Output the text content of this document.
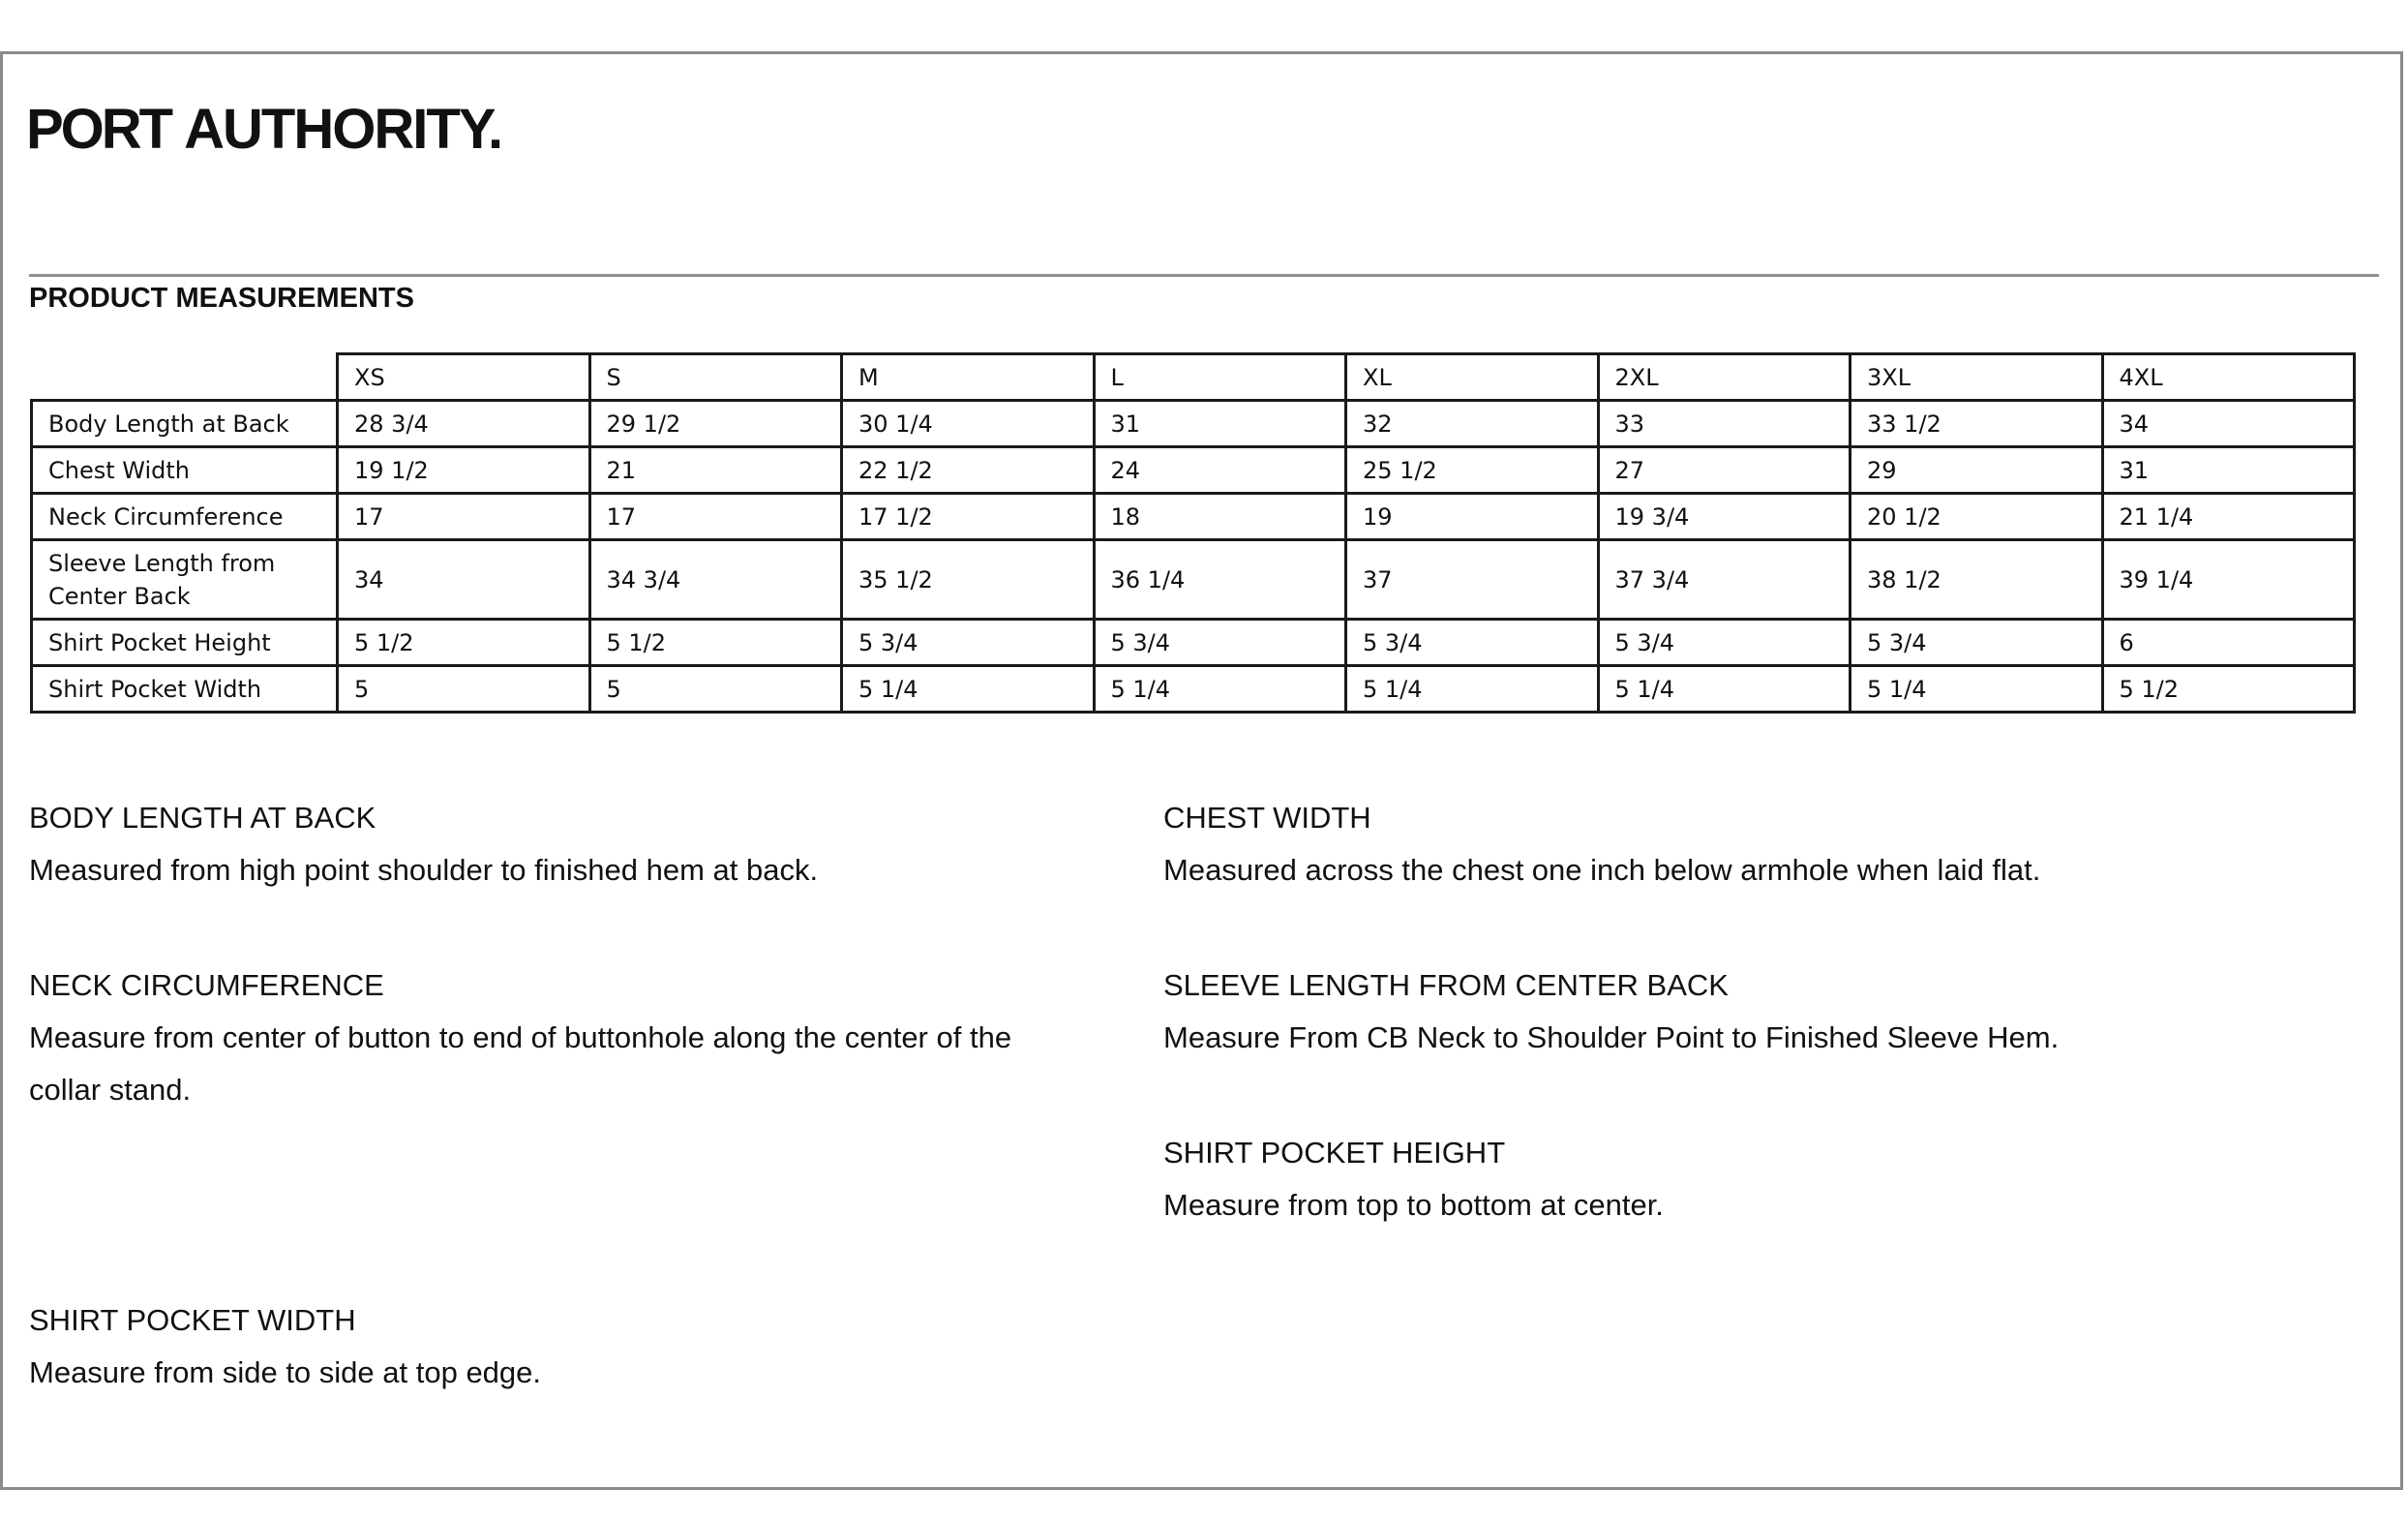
PORT AUTHORITY.
PRODUCT MEASUREMENTS
	XS	S	M	L	XL	2XL	3XL	4XL
Body Length at Back	28 3/4	29 1/2	30 1/4	31	32	33	33 1/2	34
Chest Width	19 1/2	21	22 1/2	24	25 1/2	27	29	31
Neck Circumference	17	17	17 1/2	18	19	19 3/4	20 1/2	21 1/4
Sleeve Length from Center Back	34	34 3/4	35 1/2	36 1/4	37	37 3/4	38 1/2	39 1/4
Shirt Pocket Height	5 1/2	5 1/2	5 3/4	5 3/4	5 3/4	5 3/4	5 3/4	6
Shirt Pocket Width	5	5	5 1/4	5 1/4	5 1/4	5 1/4	5 1/4	5 1/2
BODY LENGTH AT BACK
Measured from high point shoulder to finished hem at back.
CHEST WIDTH
Measured across the chest one inch below armhole when laid flat.
NECK CIRCUMFERENCE
Measure from center of button to end of buttonhole along the center of the collar stand.
SLEEVE LENGTH FROM CENTER BACK
Measure From CB Neck to Shoulder Point to Finished Sleeve Hem.
SHIRT POCKET HEIGHT
Measure from top to bottom at center.
SHIRT POCKET WIDTH
Measure from side to side at top edge.
